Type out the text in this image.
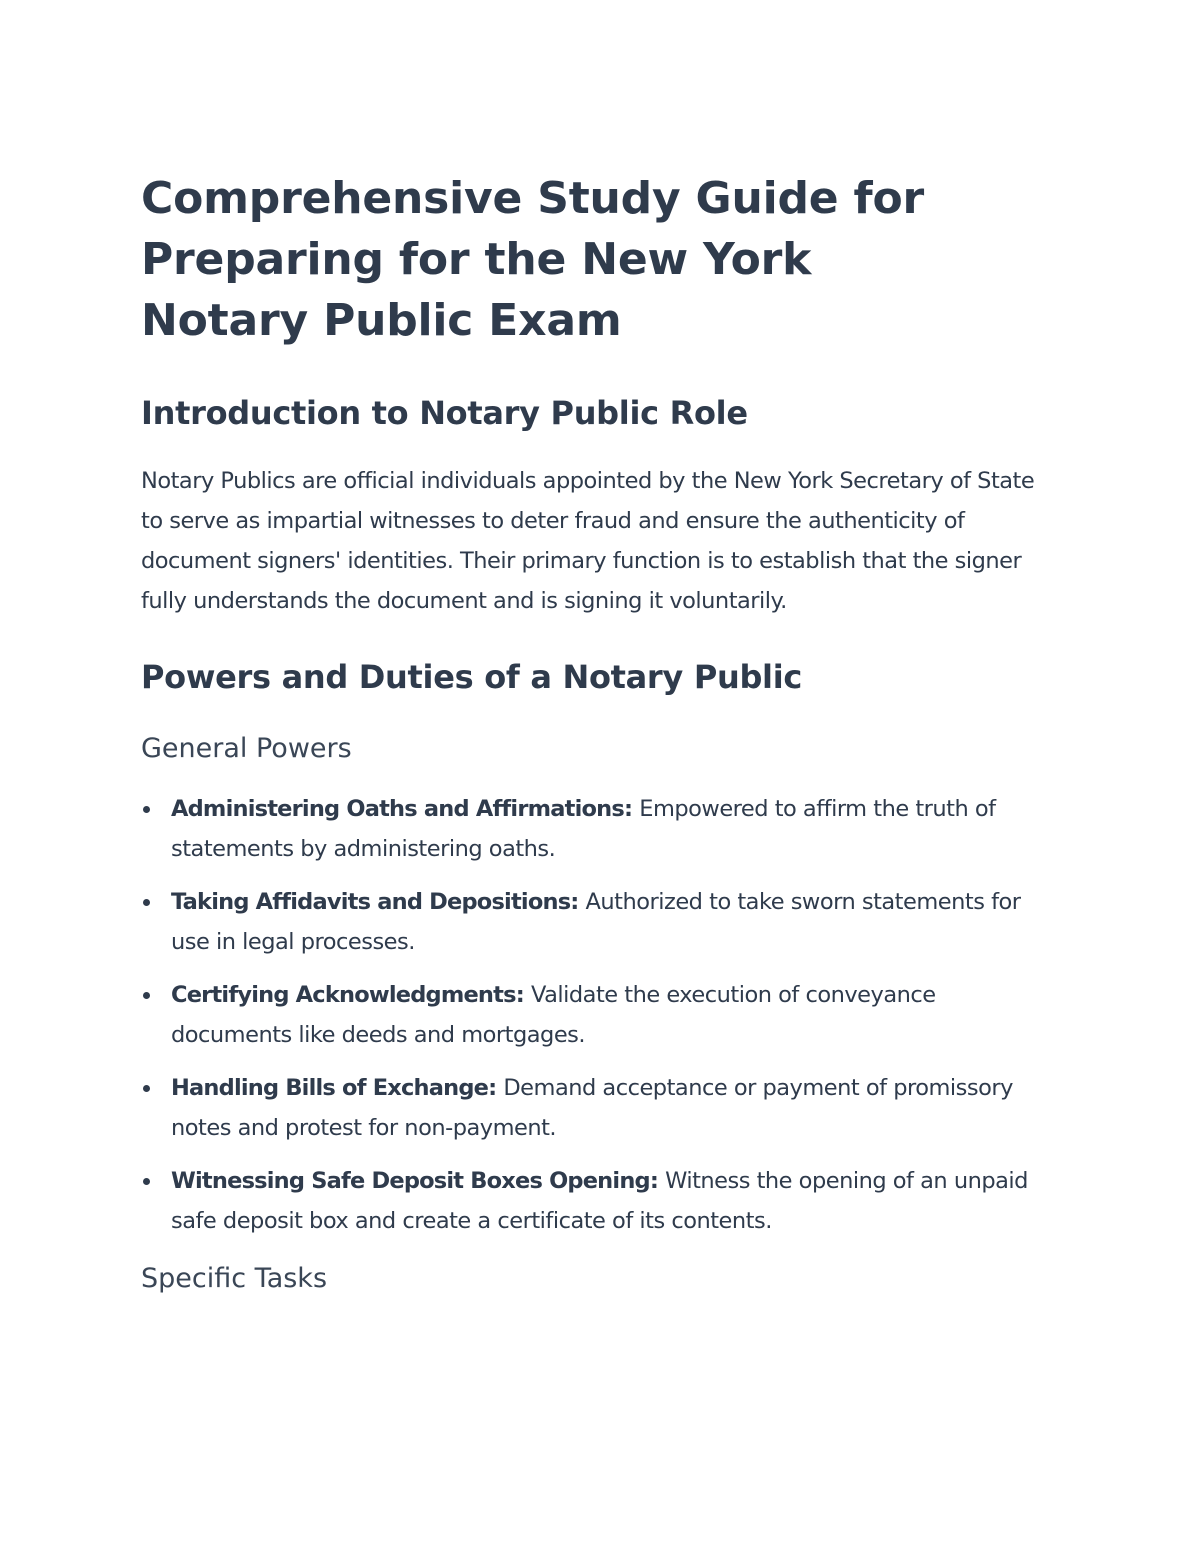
Comprehensive Study Guide for Preparing for the New York Notary Public Exam
Introduction to Notary Public Role

Notary Publics are official individuals appointed by the New York Secretary of State to serve as impartial witnesses to deter fraud and ensure the authenticity of document signers' identities. Their primary function is to establish that the signer fully understands the document and is signing it voluntarily.

Powers and Duties of a Notary Public
General Powers
Administering Oaths and Affirmations: Empowered to affirm the truth of statements by administering oaths.
Taking Affidavits and Depositions: Authorized to take sworn statements for use in legal processes.
Certifying Acknowledgments: Validate the execution of conveyance documents like deeds and mortgages.
Handling Bills of Exchange: Demand acceptance or payment of promissory notes and protest for non-payment.
Witnessing Safe Deposit Boxes Opening: Witness the opening of an unpaid safe deposit box and create a certificate of its contents.
Specific Tasks
